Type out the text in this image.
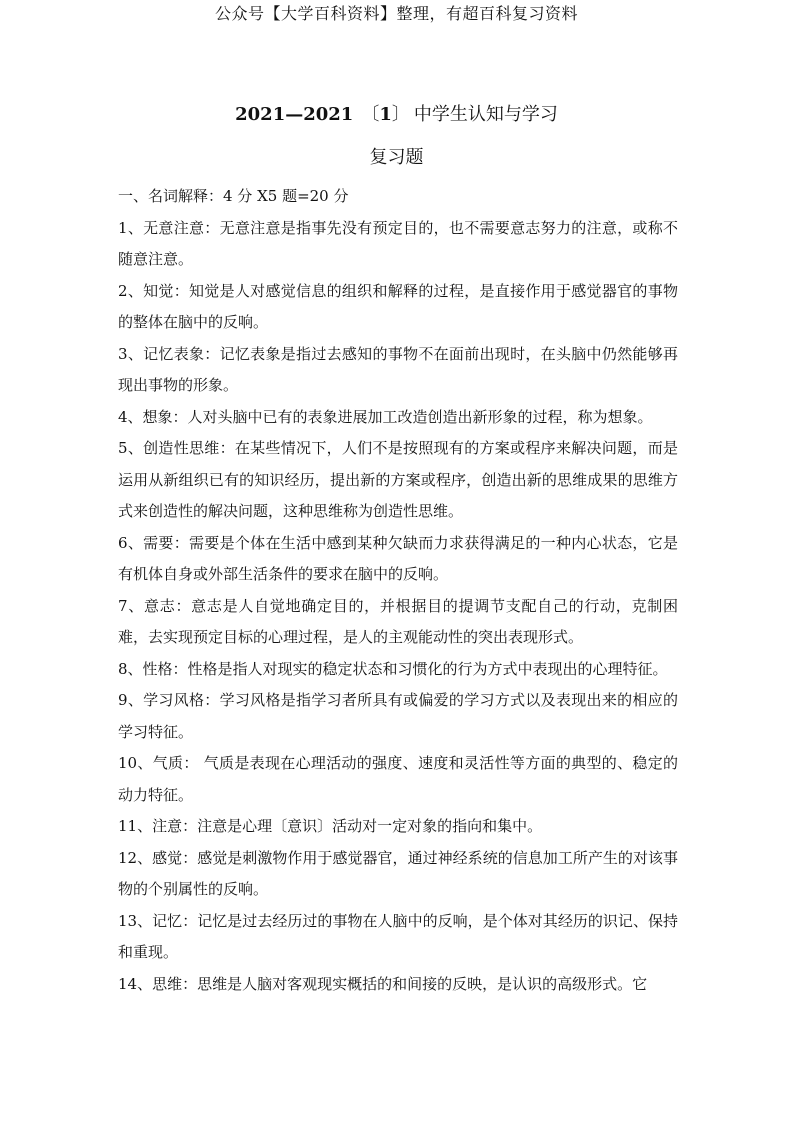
公众号【大学百科资料】整理，有超百科复习资料
2021—2021 〔1〕 中学生认知与学习
复习题

一、名词解释：4 分 X5 题=20 分

1、无意注意：无意注意是指事先没有预定目的，也不需要意志努力的注意，或称不随意注意。

2、知觉：知觉是人对感觉信息的组织和解释的过程，是直接作用于感觉器官的事物的整体在脑中的反响。

3、记忆表象：记忆表象是指过去感知的事物不在面前出现时，在头脑中仍然能够再现出事物的形象。

4、想象：人对头脑中已有的表象进展加工改造创造出新形象的过程，称为想象。

5、创造性思维：在某些情况下，人们不是按照现有的方案或程序来解决问题，而是运用从新组织已有的知识经历，提出新的方案或程序，创造出新的思维成果的思维方式来创造性的解决问题，这种思维称为创造性思维。

6、需要：需要是个体在生活中感到某种欠缺而力求获得满足的一种内心状态，它是有机体自身或外部生活条件的要求在脑中的反响。

7、意志：意志是人自觉地确定目的，并根据目的提调节支配自己的行动，克制困难，去实现预定目标的心理过程，是人的主观能动性的突出表现形式。

8、性格：性格是指人对现实的稳定状态和习惯化的行为方式中表现出的心理特征。

9、学习风格：学习风格是指学习者所具有或偏爱的学习方式以及表现出来的相应的学习特征。

10、气质： 气质是表现在心理活动的强度、速度和灵活性等方面的典型的、稳定的动力特征。

11、注意：注意是心理〔意识〕活动对一定对象的指向和集中。

12、感觉：感觉是刺激物作用于感觉器官，通过神经系统的信息加工所产生的对该事物的个别属性的反响。

13、记忆：记忆是过去经历过的事物在人脑中的反响，是个体对其经历的识记、保持和重现。

14、思维：思维是人脑对客观现实概括的和间接的反映，是认识的高级形式。它
